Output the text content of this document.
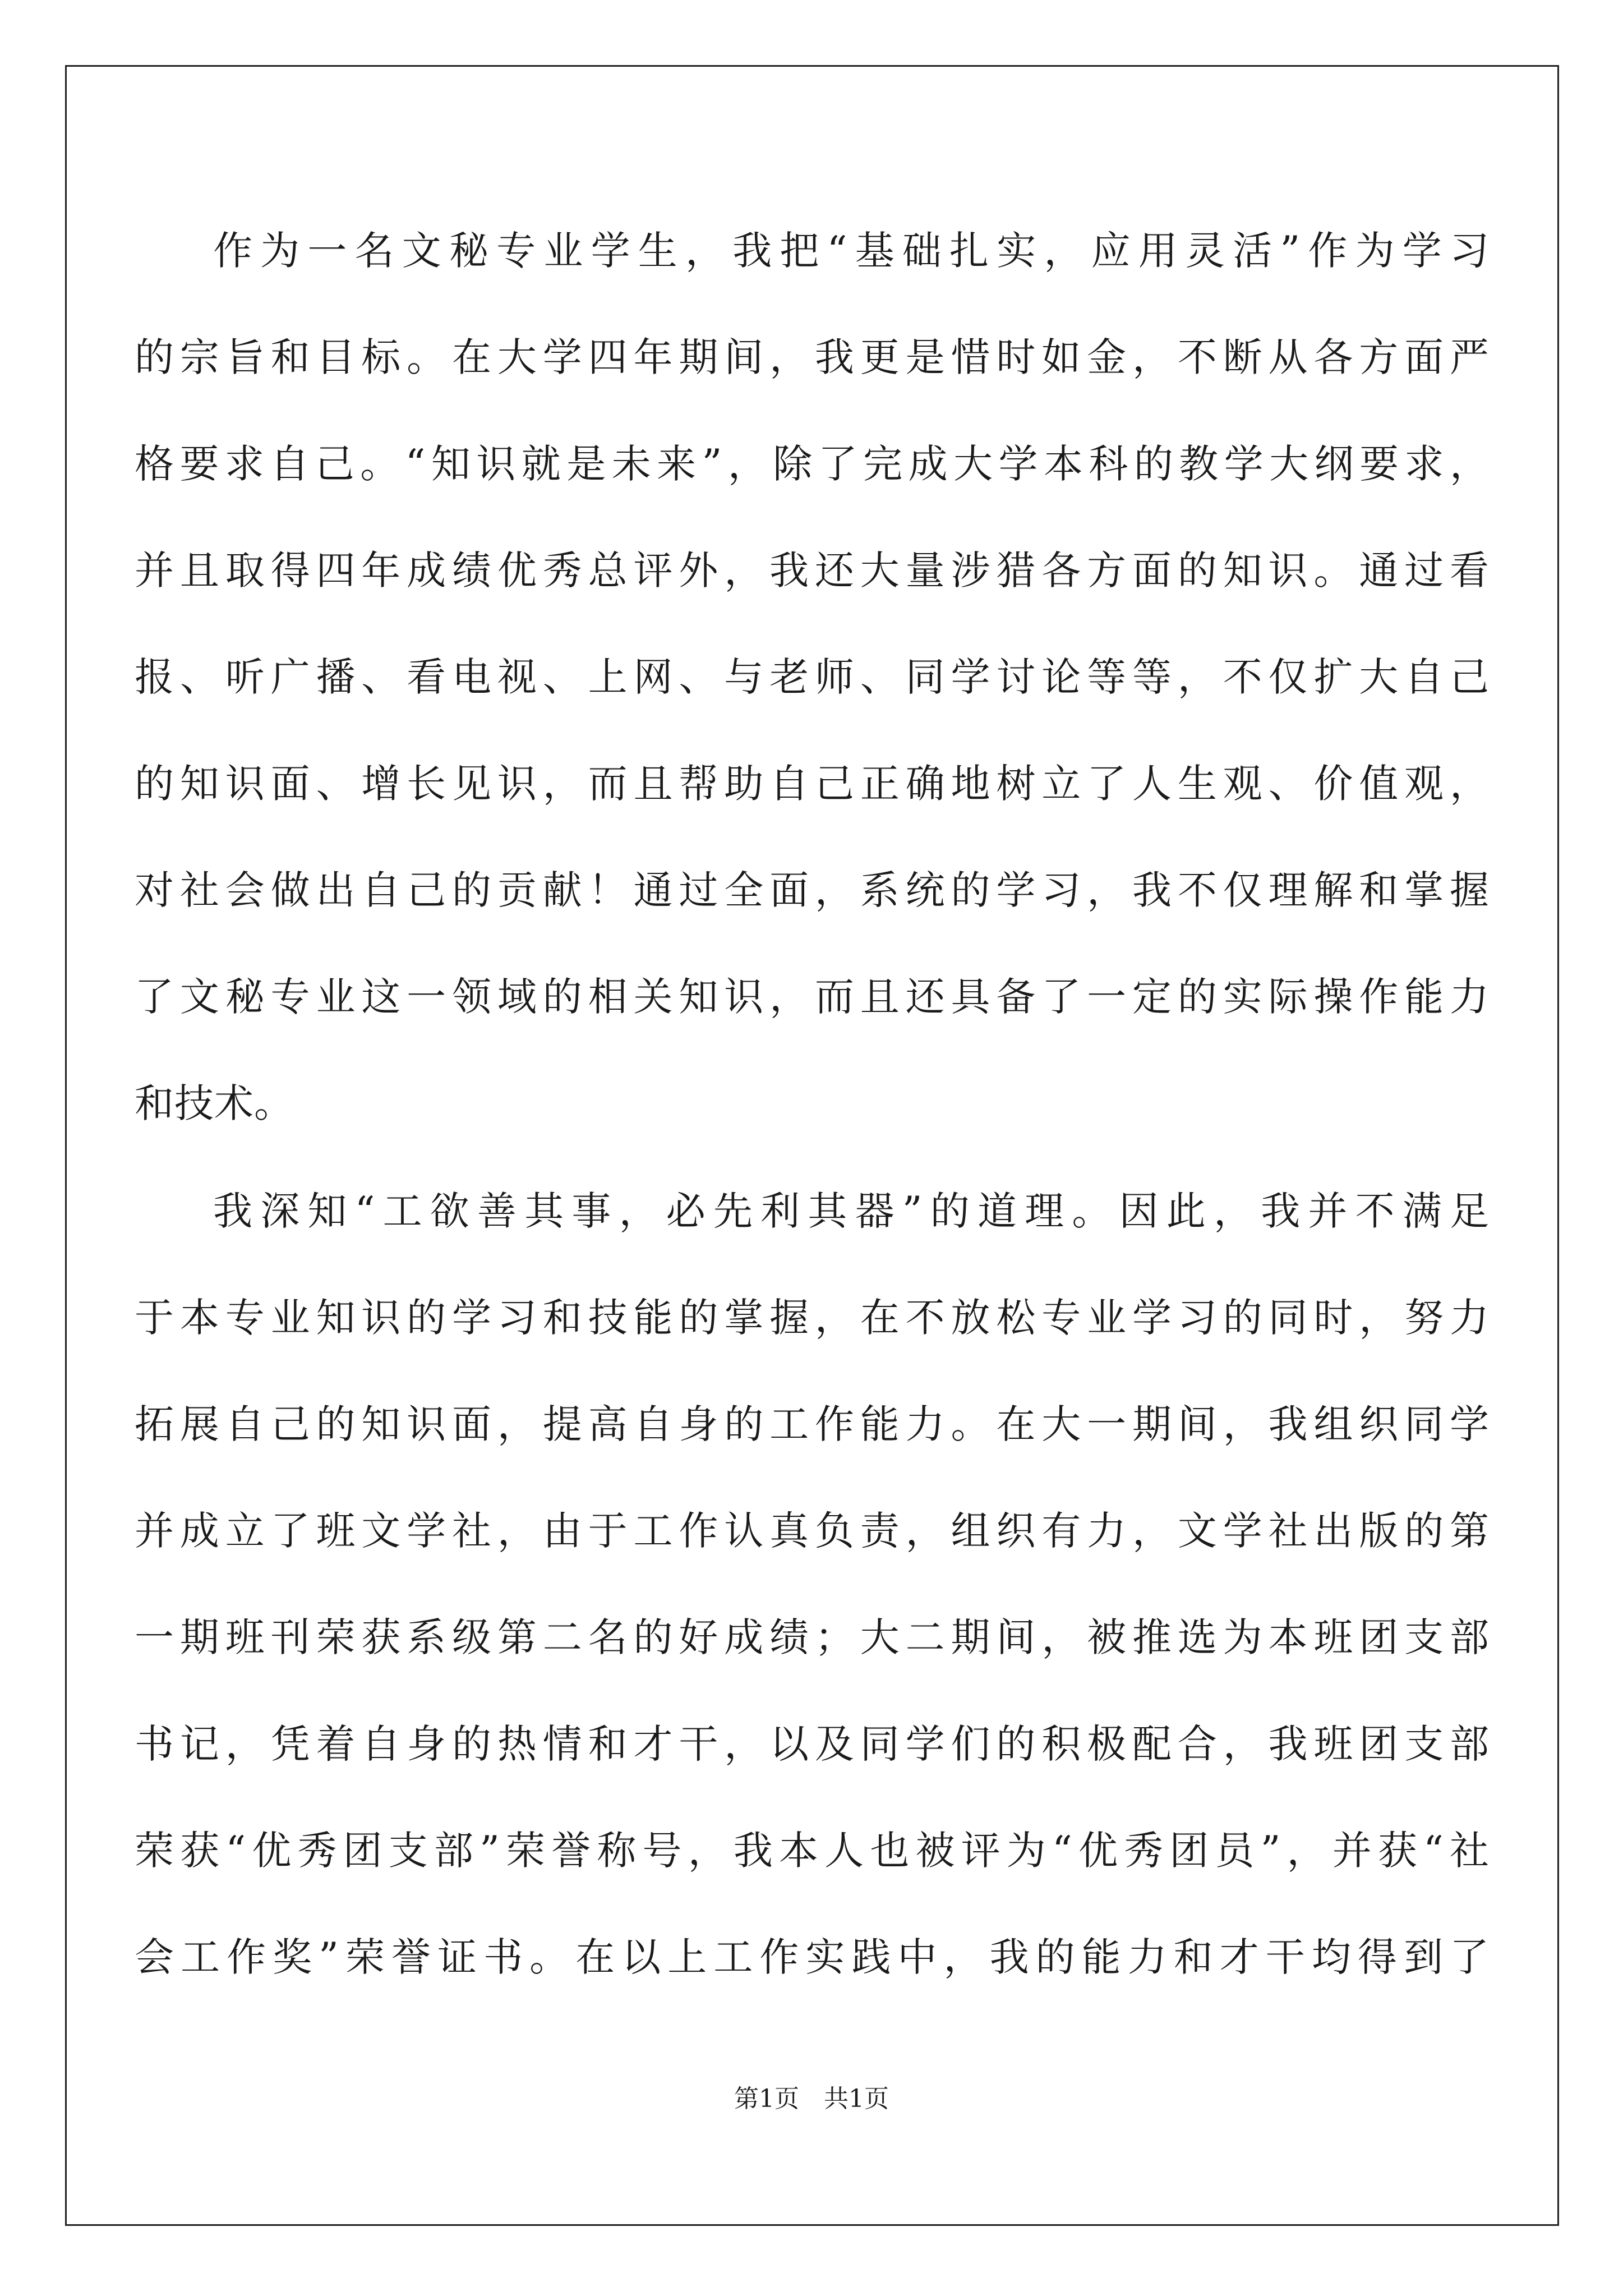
作为一名文秘专业学生，我把“基础扎实，应用灵活”作为学习
的宗旨和目标。在大学四年期间，我更是惜时如金，不断从各方面严
格要求自己。“知识就是未来”，除了完成大学本科的教学大纲要求，
并且取得四年成绩优秀总评外，我还大量涉猎各方面的知识。通过看
报、听广播、看电视、上网、与老师、同学讨论等等，不仅扩大自己
的知识面、增长见识，而且帮助自己正确地树立了人生观、价值观，
对社会做出自己的贡献！通过全面，系统的学习，我不仅理解和掌握
了文秘专业这一领域的相关知识，而且还具备了一定的实际操作能力
和技术。

我深知“工欲善其事，必先利其器”的道理。因此，我并不满足
于本专业知识的学习和技能的掌握，在不放松专业学习的同时，努力
拓展自己的知识面，提高自身的工作能力。在大一期间，我组织同学
并成立了班文学社，由于工作认真负责，组织有力，文学社出版的第
一期班刊荣获系级第二名的好成绩；大二期间，被推选为本班团支部
书记，凭着自身的热情和才干，以及同学们的积极配合，我班团支部
荣获“优秀团支部”荣誉称号，我本人也被评为“优秀团员”，并获“社
会工作奖”荣誉证书。在以上工作实践中，我的能力和才干均得到了

第1页　共1页
